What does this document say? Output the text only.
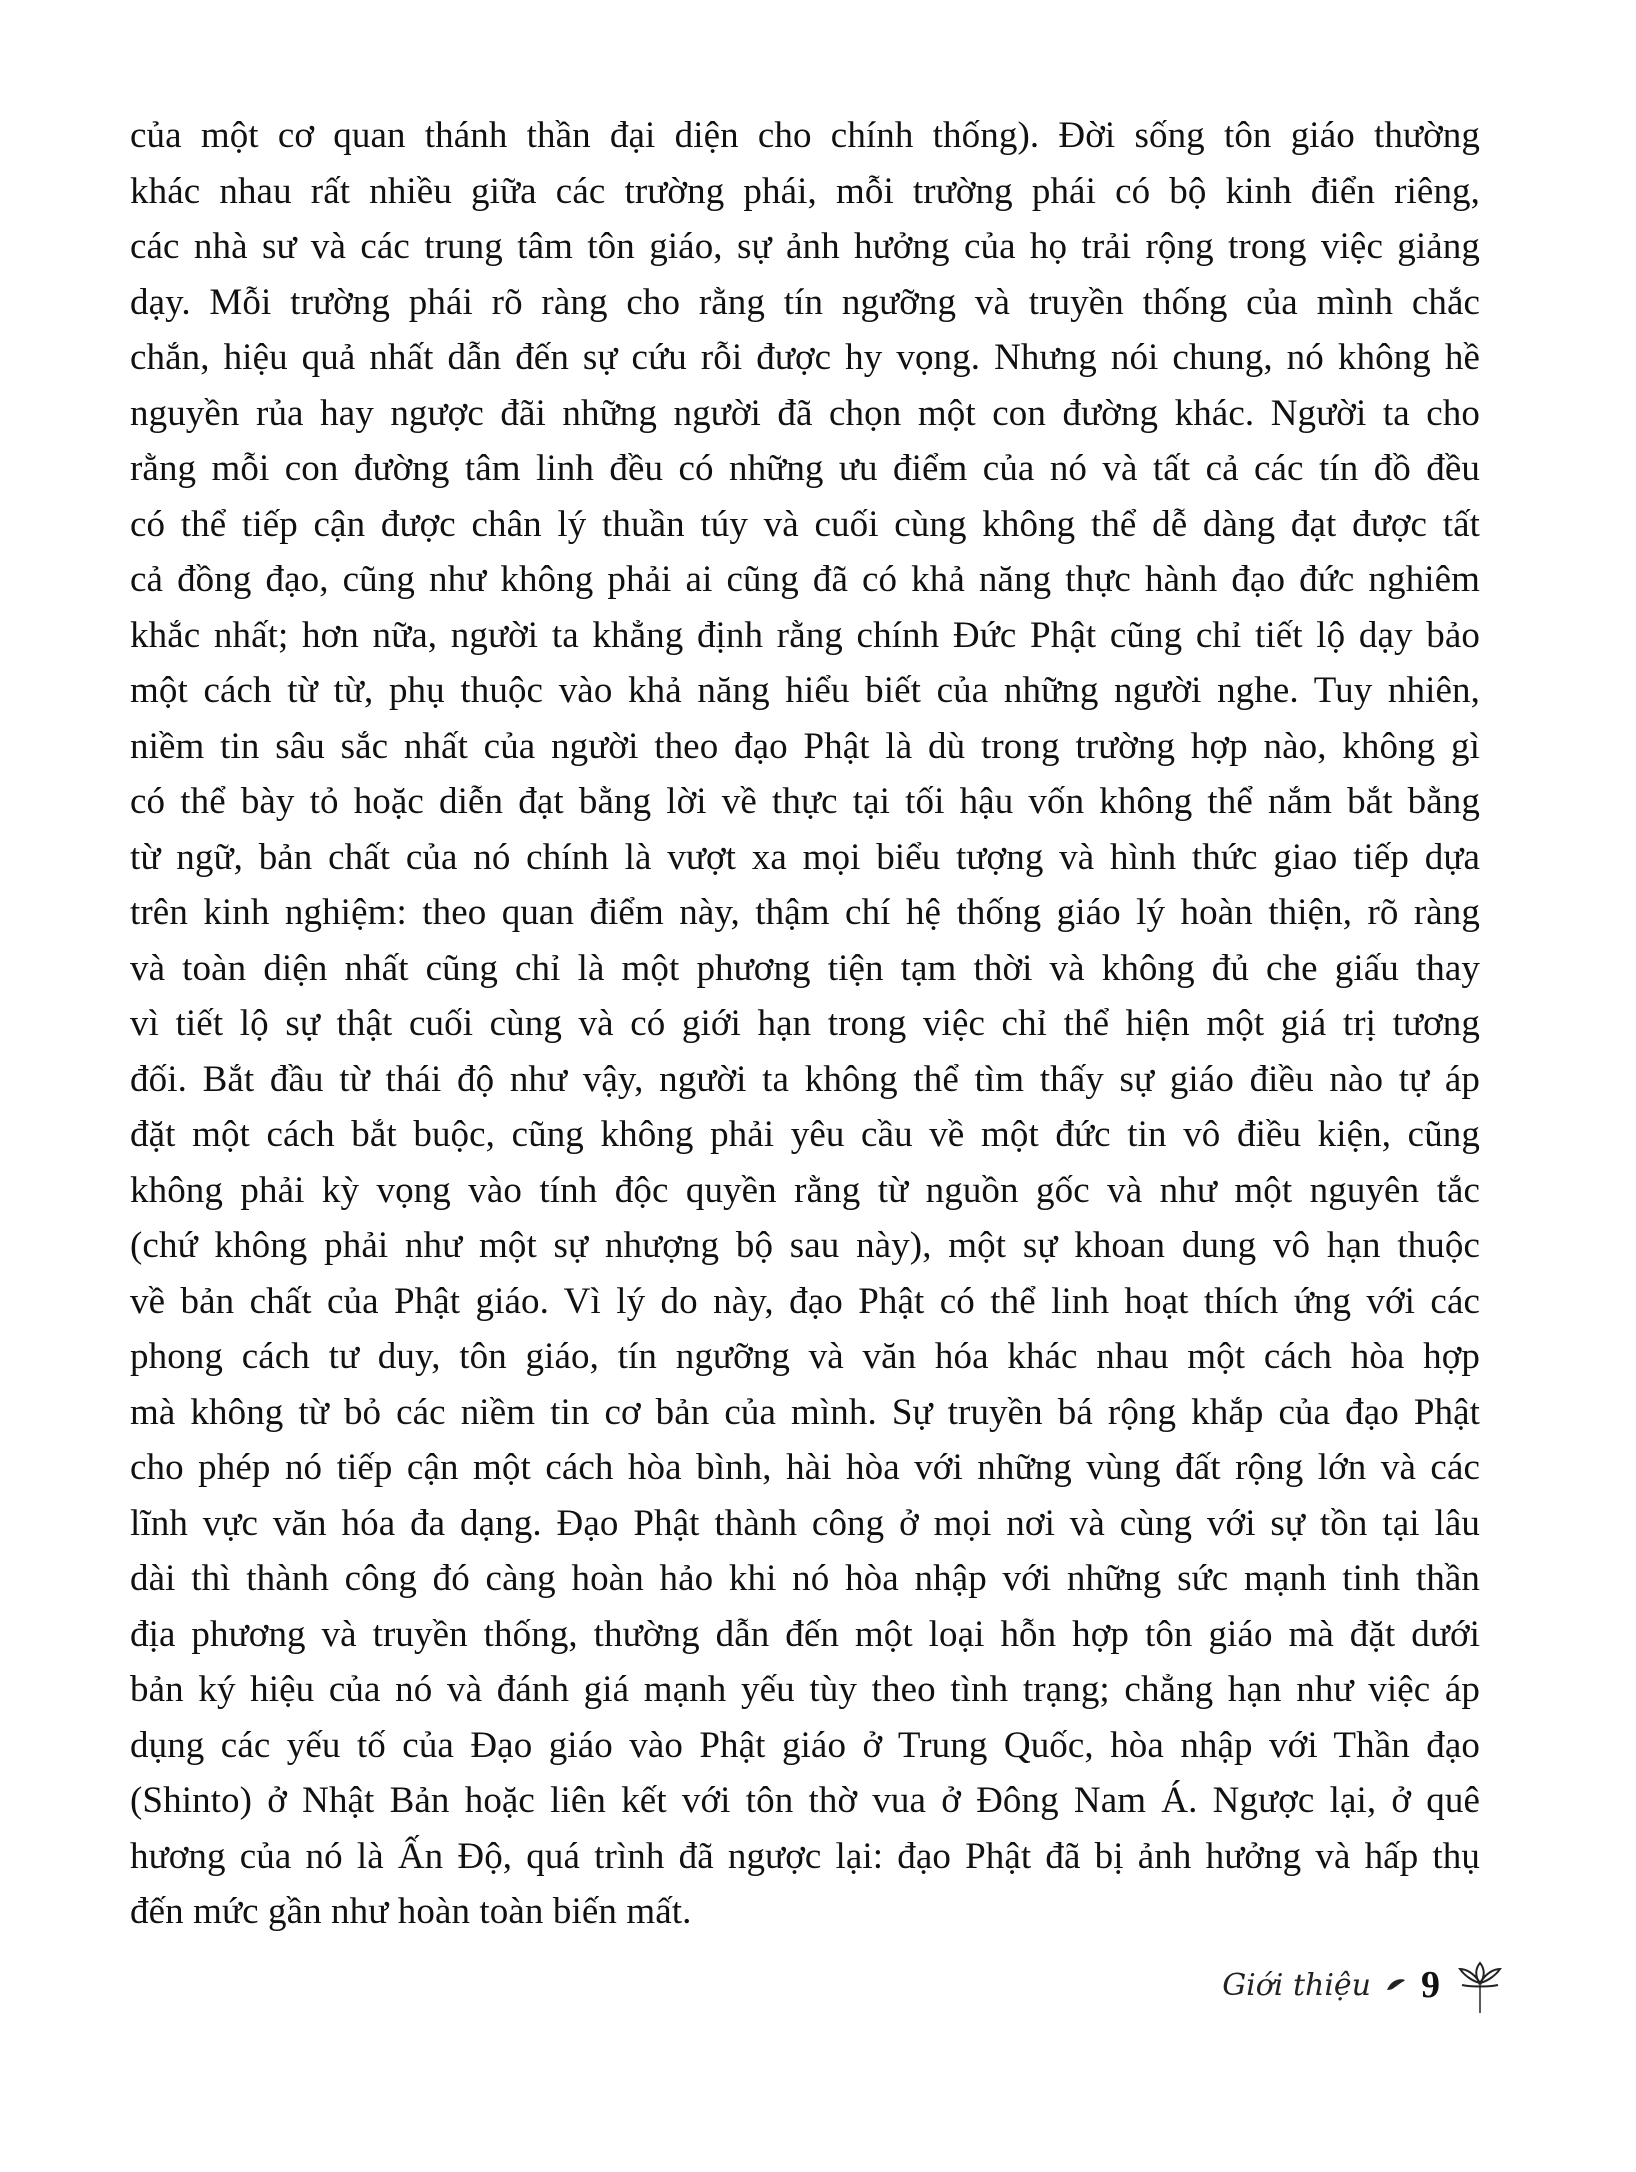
của một cơ quan thánh thần đại diện cho chính thống). Đời sống tôn giáo thường
khác nhau rất nhiều giữa các trường phái, mỗi trường phái có bộ kinh điển riêng,
các nhà sư và các trung tâm tôn giáo, sự ảnh hưởng của họ trải rộng trong việc giảng
dạy. Mỗi trường phái rõ ràng cho rằng tín ngưỡng và truyền thống của mình chắc
chắn, hiệu quả nhất dẫn đến sự cứu rỗi được hy vọng. Nhưng nói chung, nó không hề
nguyền rủa hay ngược đãi những người đã chọn một con đường khác. Người ta cho
rằng mỗi con đường tâm linh đều có những ưu điểm của nó và tất cả các tín đồ đều
có thể tiếp cận được chân lý thuần túy và cuối cùng không thể dễ dàng đạt được tất
cả đồng đạo, cũng như không phải ai cũng đã có khả năng thực hành đạo đức nghiêm
khắc nhất; hơn nữa, người ta khẳng định rằng chính Đức Phật cũng chỉ tiết lộ dạy bảo
một cách từ từ, phụ thuộc vào khả năng hiểu biết của những người nghe. Tuy nhiên,
niềm tin sâu sắc nhất của người theo đạo Phật là dù trong trường hợp nào, không gì
có thể bày tỏ hoặc diễn đạt bằng lời về thực tại tối hậu vốn không thể nắm bắt bằng
từ ngữ, bản chất của nó chính là vượt xa mọi biểu tượng và hình thức giao tiếp dựa
trên kinh nghiệm: theo quan điểm này, thậm chí hệ thống giáo lý hoàn thiện, rõ ràng
và toàn diện nhất cũng chỉ là một phương tiện tạm thời và không đủ che giấu thay
vì tiết lộ sự thật cuối cùng và có giới hạn trong việc chỉ thể hiện một giá trị tương
đối. Bắt đầu từ thái độ như vậy, người ta không thể tìm thấy sự giáo điều nào tự áp
đặt một cách bắt buộc, cũng không phải yêu cầu về một đức tin vô điều kiện, cũng
không phải kỳ vọng vào tính độc quyền rằng từ nguồn gốc và như một nguyên tắc
(chứ không phải như một sự nhượng bộ sau này), một sự khoan dung vô hạn thuộc
về bản chất của Phật giáo. Vì lý do này, đạo Phật có thể linh hoạt thích ứng với các
phong cách tư duy, tôn giáo, tín ngưỡng và văn hóa khác nhau một cách hòa hợp
mà không từ bỏ các niềm tin cơ bản của mình. Sự truyền bá rộng khắp của đạo Phật
cho phép nó tiếp cận một cách hòa bình, hài hòa với những vùng đất rộng lớn và các
lĩnh vực văn hóa đa dạng. Đạo Phật thành công ở mọi nơi và cùng với sự tồn tại lâu
dài thì thành công đó càng hoàn hảo khi nó hòa nhập với những sức mạnh tinh thần
địa phương và truyền thống, thường dẫn đến một loại hỗn hợp tôn giáo mà đặt dưới
bản ký hiệu của nó và đánh giá mạnh yếu tùy theo tình trạng; chẳng hạn như việc áp
dụng các yếu tố của Đạo giáo vào Phật giáo ở Trung Quốc, hòa nhập với Thần đạo
(Shinto) ở Nhật Bản hoặc liên kết với tôn thờ vua ở Đông Nam Á. Ngược lại, ở quê
hương của nó là Ấn Độ, quá trình đã ngược lại: đạo Phật đã bị ảnh hưởng và hấp thụ
đến mức gần như hoàn toàn biến mất.
Giới thiệu 9
